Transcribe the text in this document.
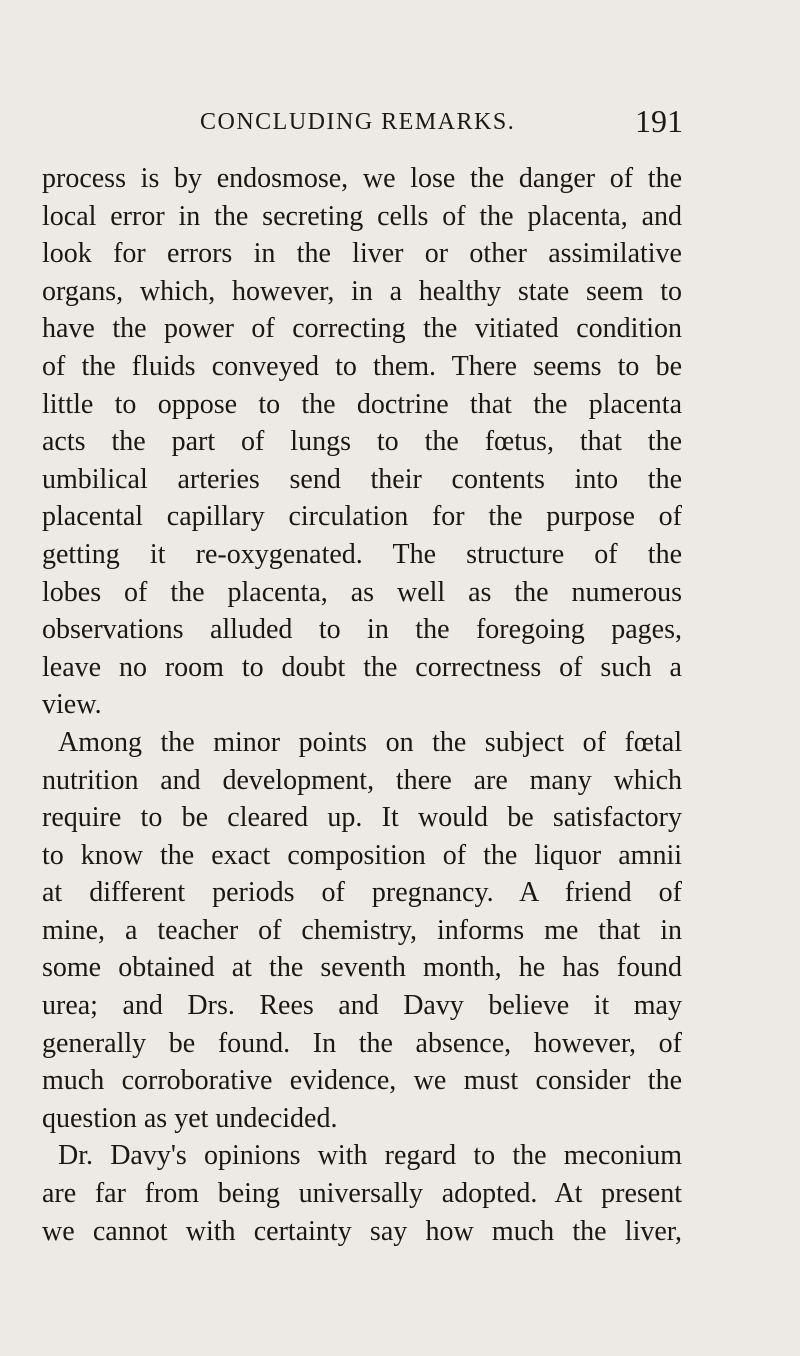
CONCLUDING REMARKS.	191
process is by endosmose, we lose the danger of the
local error in the secreting cells of the placenta, and
look for errors in the liver or other assimilative
organs, which, however, in a healthy state seem to
have the power of correcting the vitiated condition
of the fluids conveyed to them. There seems to be
little to oppose to the doctrine that the placenta
acts the part of lungs to the fœtus, that the
umbilical arteries send their contents into the
placental capillary circulation for the purpose of
getting it re-oxygenated. The structure of the
lobes of the placenta, as well as the numerous
observations alluded to in the foregoing pages,
leave no room to doubt the correctness of such a
view.
Among the minor points on the subject of fœtal
nutrition and development, there are many which
require to be cleared up. It would be satisfactory
to know the exact composition of the liquor amnii
at different periods of pregnancy. A friend of
mine, a teacher of chemistry, informs me that in
some obtained at the seventh month, he has found
urea; and Drs. Rees and Davy believe it may
generally be found. In the absence, however, of
much corroborative evidence, we must consider the
question as yet undecided.
Dr. Davy's opinions with regard to the meconium
are far from being universally adopted. At present
we cannot with certainty say how much the liver,
